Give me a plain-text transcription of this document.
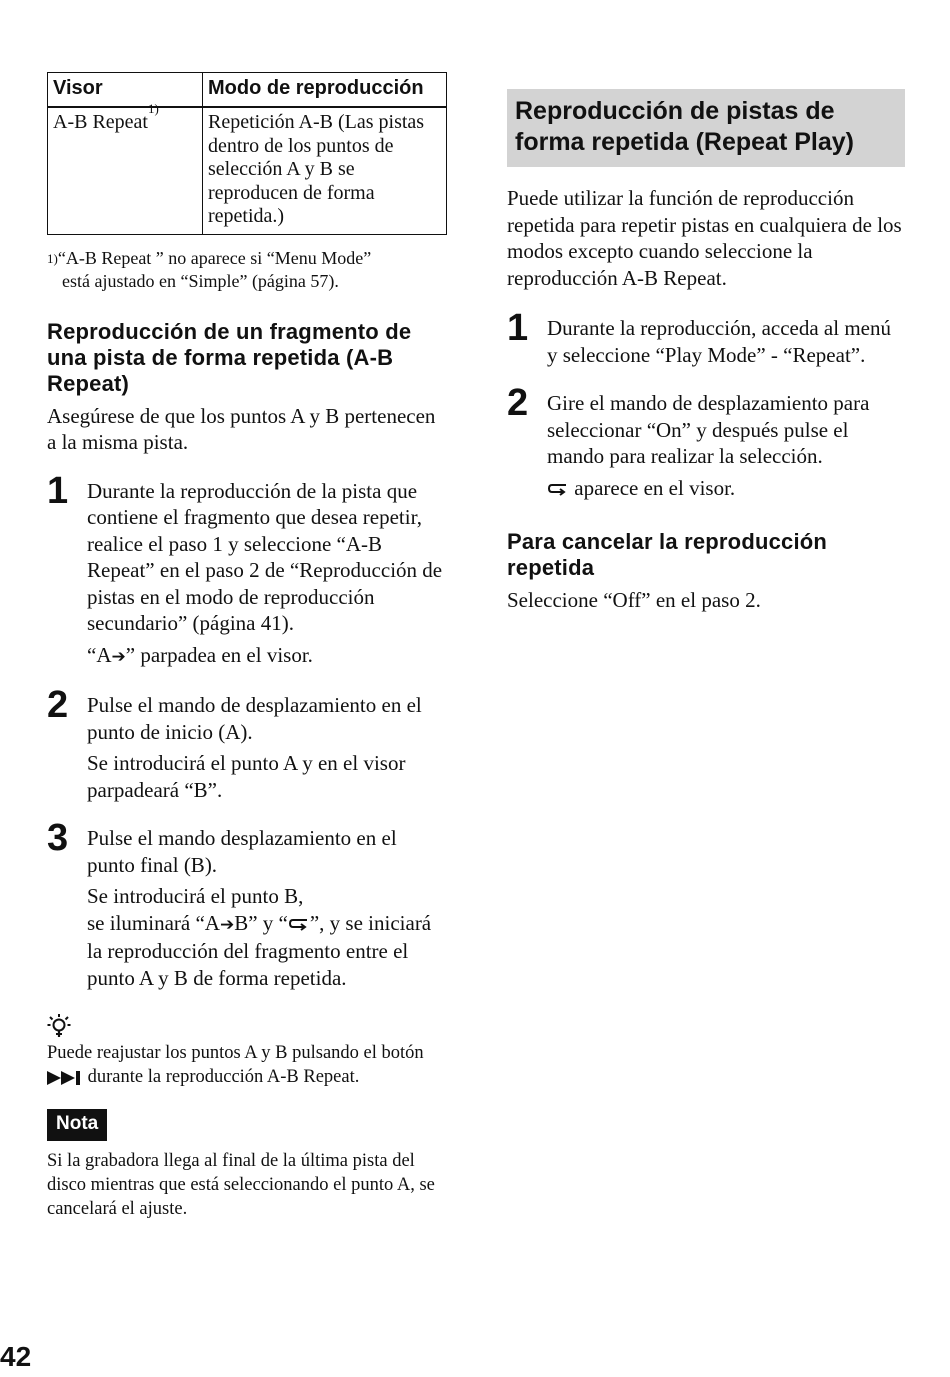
Visor	Modo de reproducción
A-B Repeat$^{1)}$	Repetición A-B (Las pistas dentro de los puntos de selección A y B se reproducen de forma repetida.)
$^{1)}$“A-B Repeat ” no aparece si “Menu Mode”
está ajustado en “Simple” (página 57).
Reproducción de un fragmento de una pista de forma repetida (A-B Repeat)

Asegúrese de que los puntos A y B pertenecen a la misma pista.

1 Durante la reproducción de la pista que contiene el fragmento que desea repetir, realice el paso 1 y seleccione “A-B Repeat” en el paso 2 de “Reproducción de pistas en el modo de reproducción secundario” (página 41).
“A➔” parpadea en el visor.
2 Pulse el mando de desplazamiento en el punto de inicio (A).
Se introducirá el punto A y en el visor parpadeará “B”.
3 Pulse el mando desplazamiento en el punto final (B).
Se introducirá el punto B,
se iluminará “A➔B” y “ ”, y se iniciará la reproducción del fragmento entre el punto A y B de forma repetida.

Puede reajustar los puntos A y B pulsando el botón  durante la reproducción A-B Repeat.

Nota

Si la grabadora llega al final de la última pista del disco mientras que está seleccionando el punto A, se cancelará el ajuste.

Reproducción de pistas de forma repetida (Repeat Play)

Puede utilizar la función de reproducción repetida para repetir pistas en cualquiera de los modos excepto cuando seleccione la reproducción A-B Repeat.

1 Durante la reproducción, acceda al menú y seleccione “Play Mode” - “Repeat”.
2 Gire el mando de desplazamiento para seleccionar “On” y después pulse el mando para realizar la selección.
aparece en el visor.
Para cancelar la reproducción repetida

Seleccione “Off” en el paso 2.

42
